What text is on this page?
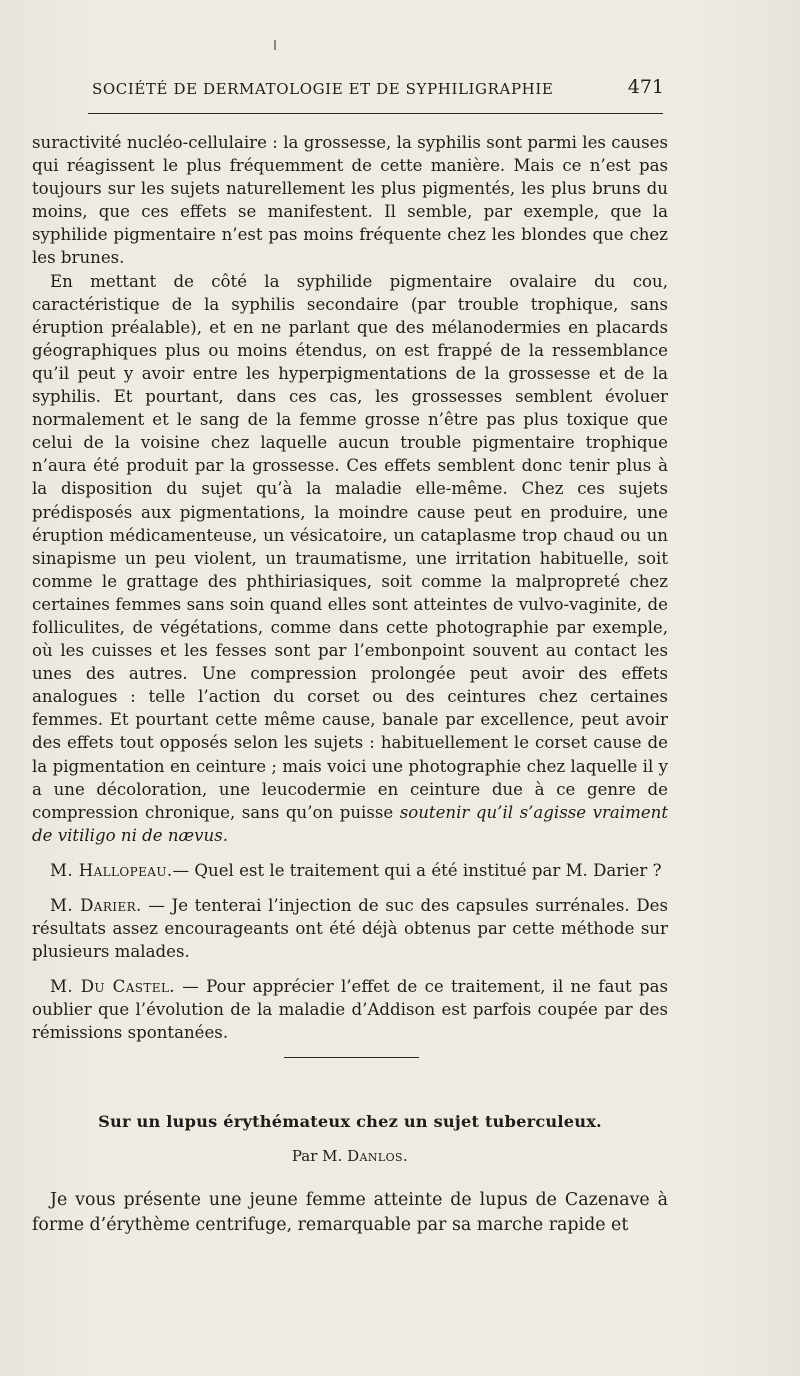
SOCIÉTÉ DE DERMATOLOGIE ET DE SYPHILIGRAPHIE	471

suractivité nucléo-cellulaire : la grossesse, la syphilis sont parmi les causes qui réagissent le plus fréquemment de cette manière. Mais ce n’est pas toujours sur les sujets naturellement les plus pigmentés, les plus bruns du moins, que ces effets se manifestent. Il semble, par exemple, que la syphilide pigmentaire n’est pas moins fréquente chez les blondes que chez les brunes.

En mettant de côté la syphilide pigmentaire ovalaire du cou, caractéristique de la syphilis secondaire (par trouble trophique, sans éruption préalable), et en ne parlant que des mélanodermies en placards géographiques plus ou moins étendus, on est frappé de la ressemblance qu’il peut y avoir entre les hyperpigmentations de la grossesse et de la syphilis. Et pourtant, dans ces cas, les grossesses semblent évoluer normalement et le sang de la femme grosse n’être pas plus toxique que celui de la voisine chez laquelle aucun trouble pigmentaire trophique n’aura été produit par la grossesse. Ces effets semblent donc tenir plus à la disposition du sujet qu’à la maladie elle-même. Chez ces sujets prédisposés aux pigmentations, la moindre cause peut en produire, une éruption médicamenteuse, un vésicatoire, un cataplasme trop chaud ou un sinapisme un peu violent, un traumatisme, une irritation habituelle, soit comme le grattage des phthiriasiques, soit comme la malpropreté chez certaines femmes sans soin quand elles sont atteintes de vulvo-vaginite, de folliculites, de végétations, comme dans cette photographie par exemple, où les cuisses et les fesses sont par l’embonpoint souvent au contact les unes des autres. Une compression prolongée peut avoir des effets analogues : telle l’action du corset ou des ceintures chez certaines femmes. Et pourtant cette même cause, banale par excellence, peut avoir des effets tout opposés selon les sujets : habituellement le corset cause de la pigmentation en ceinture ; mais voici une photographie chez laquelle il y a une décoloration, une leucodermie en ceinture due à ce genre de compression chronique, sans qu’on puisse soutenir qu’il s’agisse vraiment de vitiligo ni de nævus.

M. Hallopeau.— Quel est le traitement qui a été institué par M. Darier ?

M. Darier. — Je tenterai l’injection de suc des capsules surrénales. Des résultats assez encourageants ont été déjà obtenus par cette méthode sur plusieurs malades.

M. Du Castel. — Pour apprécier l’effet de ce traitement, il ne faut pas oublier que l’évolution de la maladie d’Addison est parfois coupée par des rémissions spontanées.

Sur un lupus érythémateux chez un sujet tuberculeux.
Par M. Danlos.

Je vous présente une jeune femme atteinte de lupus de Cazenave à forme d’érythème centrifuge, remarquable par sa marche rapide et
